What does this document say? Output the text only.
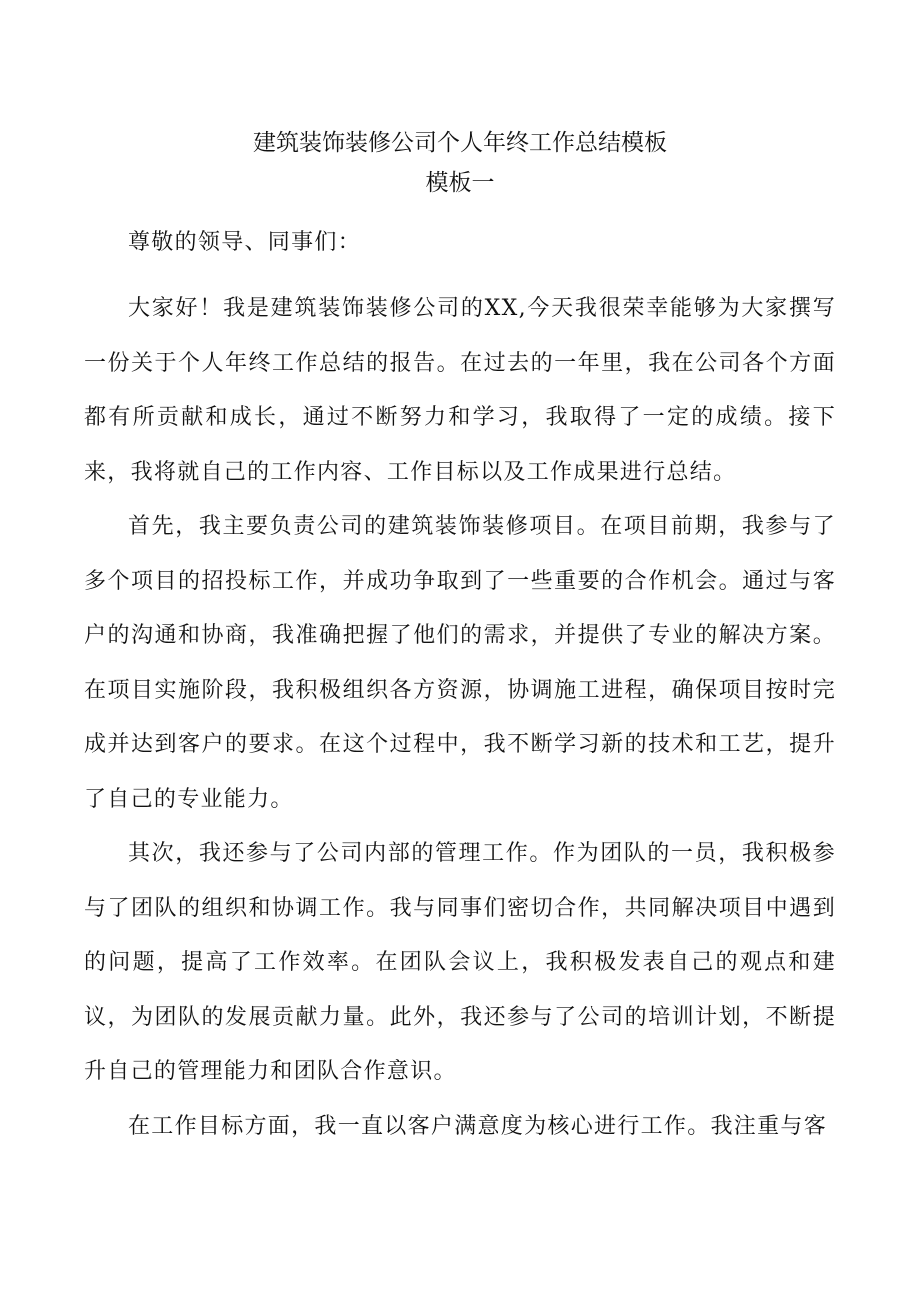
建筑装饰装修公司个人年终工作总结模板
模板一

尊敬的领导、同事们：

大家好！我是建筑装饰装修公司的XX,今天我很荣幸能够为大家撰写一份关于个人年终工作总结的报告。在过去的一年里，我在公司各个方面都有所贡献和成长，通过不断努力和学习，我取得了一定的成绩。接下来，我将就自己的工作内容、工作目标以及工作成果进行总结。

首先，我主要负责公司的建筑装饰装修项目。在项目前期，我参与了多个项目的招投标工作，并成功争取到了一些重要的合作机会。通过与客户的沟通和协商，我准确把握了他们的需求，并提供了专业的解决方案。在项目实施阶段，我积极组织各方资源，协调施工进程，确保项目按时完成并达到客户的要求。在这个过程中，我不断学习新的技术和工艺，提升了自己的专业能力。

其次，我还参与了公司内部的管理工作。作为团队的一员，我积极参与了团队的组织和协调工作。我与同事们密切合作，共同解决项目中遇到的问题，提高了工作效率。在团队会议上，我积极发表自己的观点和建议，为团队的发展贡献力量。此外，我还参与了公司的培训计划，不断提升自己的管理能力和团队合作意识。

在工作目标方面，我一直以客户满意度为核心进行工作。我注重与客
